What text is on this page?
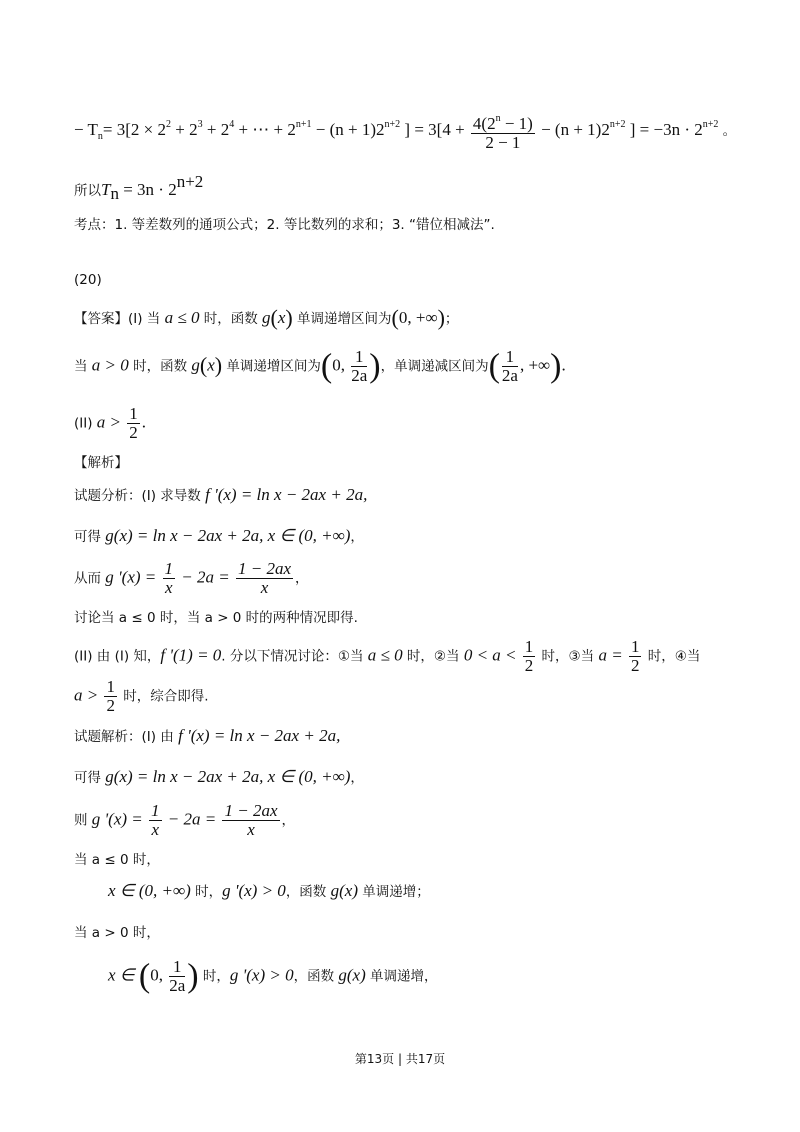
− $T_n= 3[2 \times 2^2 + 2^3 + 2^4$ + ⋯ + $2^{n+1} - (n + 1)2^{n+2}$ ] = $3[4 + \frac{4(2^n - 1)}{2 - 1} - (n + 1)2^{n+2}$ ] = $-3n \cdot 2^{n+2}$ 。
所以$T_n = 3n \cdot 2^{n+2}$
考点：1. 等差数列的通项公式；2. 等比数列的求和；3. “错位相减法”.
(20)
【答案】(I) 当 a ≤ 0 时，函数 g(x) 单调递增区间为(0, +∞)；
当 a > 0 时，函数 g(x) 单调递增区间为(0, $\frac{1}{2a}$ )，单调递减区间为( $\frac{1}{2a}$ , +∞).
(II) $a > \frac{1}{2}$ .
【解析】
试题分析：(I) 求导数 f '(x) = ln x − 2ax + 2a,
可得 g(x) = ln x − 2ax + 2a, x ∈ (0, +∞)，
从而 g '$(x) = \frac{1}{x} - 2a = \frac{1 - 2ax}{x}$ ，
讨论当 a ≤ 0 时，当 a > 0 时的两种情况即得.
(II) 由 (I) 知，f '(1) = 0. 分以下情况讨论：①当 a ≤ 0 时，②当 $0 < a < \frac{1}{2}$ 时，③当 $a = \frac{1}{2}$ 时，④当
$a > \frac{1}{2}$ 时，综合即得.
试题解析：(I) 由 f '(x) = ln x − 2ax + 2a,
可得 g(x) = ln x − 2ax + 2a, x ∈ (0, +∞)，
则 g '$(x) = \frac{1}{x} - 2a = \frac{1 - 2ax}{x}$ ，
当 a ≤ 0 时，
x ∈ (0, +∞) 时，g '(x) > 0，函数 g(x) 单调递增；
当 a > 0 时，
x ∈ (0, $\frac{1}{2a}$ ) 时，g '(x) > 0，函数 g(x) 单调递增，
第13页 | 共17页
